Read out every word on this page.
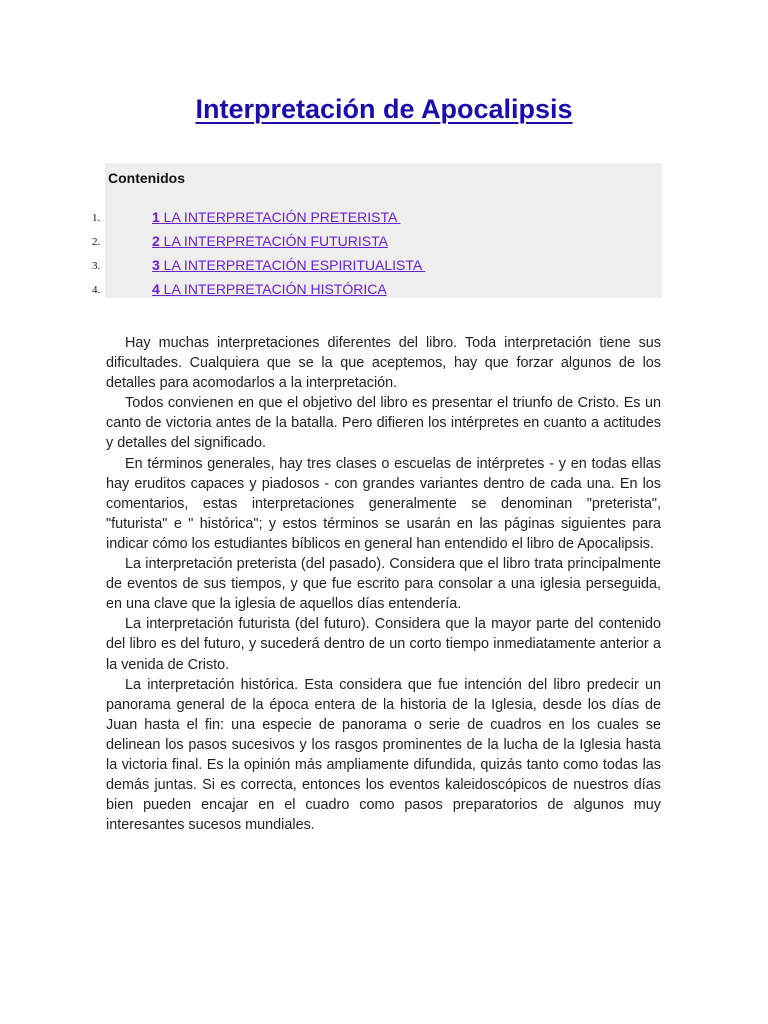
Interpretación de Apocalipsis
Contenidos
1.	1 LA INTERPRETACIÓN PRETERISTA
2.	2 LA INTERPRETACIÓN FUTURISTA
3.	3 LA INTERPRETACIÓN ESPIRITUALISTA
4.	4 LA INTERPRETACIÓN HISTÓRICA

Hay muchas interpretaciones diferentes del libro. Toda interpretación tiene sus dificultades. Cualquiera que se la que aceptemos, hay que forzar algunos de los detalles para acomodarlos a la interpretación.

Todos convienen en que el objetivo del libro es presentar el triunfo de Cristo. Es un canto de victoria antes de la batalla. Pero difieren los intérpretes en cuanto a actitudes y detalles del significado.

En términos generales, hay tres clases o escuelas de intérpretes - y en todas ellas hay eruditos capaces y piadosos - con grandes variantes dentro de cada una. En los comentarios, estas interpretaciones generalmente se denominan "preterista", "futurista" e " histórica"; y estos términos se usarán en las páginas siguientes para indicar cómo los estudiantes bíblicos en general han entendido el libro de Apocalipsis.

La interpretación preterista (del pasado). Considera que el libro trata principalmente de eventos de sus tiempos, y que fue escrito para consolar a una iglesia perseguida, en una clave que la iglesia de aquellos días entendería.

La interpretación futurista (del futuro). Considera que la mayor parte del contenido del libro es del futuro, y sucederá dentro de un corto tiempo inmediatamente anterior a la venida de Cristo.

La interpretación histórica. Esta considera que fue intención del libro predecir un panorama general de la época entera de la historia de la Iglesia, desde los días de Juan hasta el fin: una especie de panorama o serie de cuadros en los cuales se delinean los pasos sucesivos y los rasgos prominentes de la lucha de la Iglesia hasta la victoria final. Es la opinión más ampliamente difundida, quizás tanto como todas las demás juntas. Si es correcta, entonces los eventos kaleidoscópicos de nuestros días bien pueden encajar en el cuadro como pasos preparatorios de algunos muy interesantes sucesos mundiales.
